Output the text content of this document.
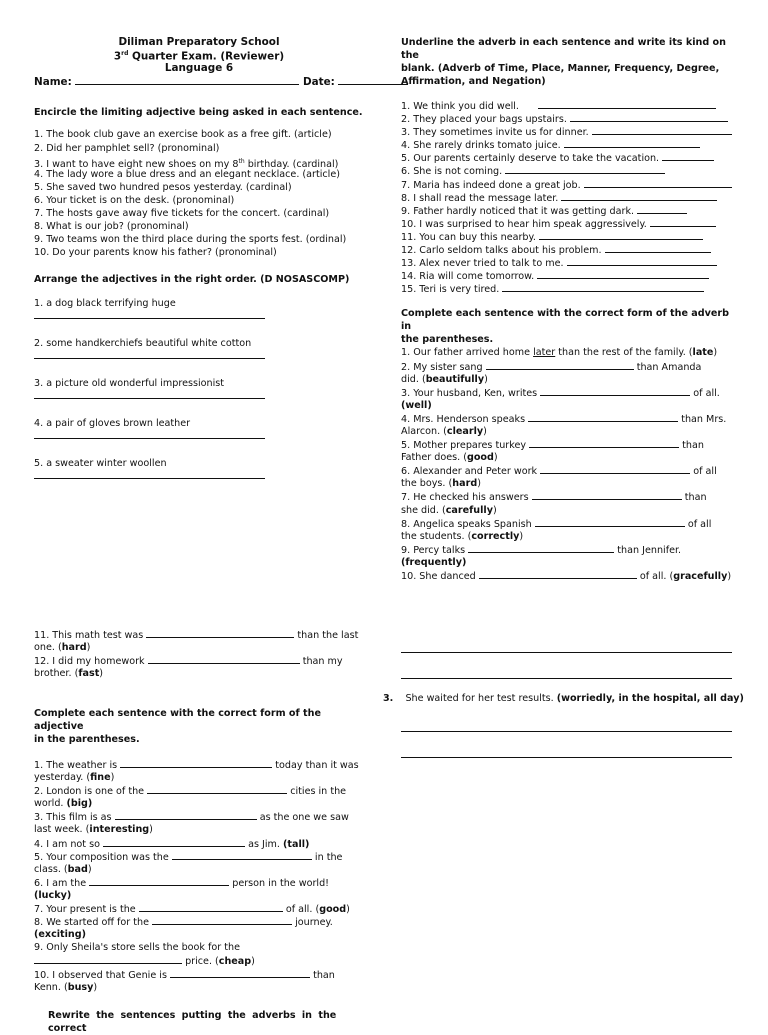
Diliman Preparatory School
3rd Quarter Exam. (Reviewer)
Language 6
Name:	Date:
Encircle the limiting adjective being asked in each sentence.
1. The book club gave an exercise book as a free gift. (article)
2. Did her pamphlet sell? (pronominal)
3. I want to have eight new shoes on my 8th birthday. (cardinal)
4. The lady wore a blue dress and an elegant necklace. (article)
5. She saved two hundred pesos yesterday. (cardinal)
6. Your ticket is on the desk. (pronominal)
7. The hosts gave away five tickets for the concert. (cardinal)
8. What is our job? (pronominal)
9. Two teams won the third place during the sports fest. (ordinal)
10. Do your parents know his father? (pronominal)
Arrange the adjectives in the right order. (D NOSASCOMP)
1. a dog black terrifying huge
2. some handkerchiefs beautiful white cotton
3. a picture old wonderful impressionist
4. a pair of gloves brown leather
5. a sweater winter woollen
11. This math test was	than the last
one. (hard)
12. I did my homework	than my
brother. (fast)
Complete each sentence with the correct form of the adjective
in the parentheses.
1. The weather is	today than it was
yesterday. (fine)
2. London is one of the	cities in the
world. (big)
3. This film is as	as the one we saw
last week. (interesting)
4. I am not so	as Jim. (tall)
5. Your composition was the	in the
class. (bad)
6. I am the	person in the world!
(lucky)
7. Your present is the	of all. (good)
8. We started off for the	journey.
(exciting)
9. Only Sheila's store sells the book for the
price. (cheap)
10. I observed that Genie is	than
Kenn. (busy)
Rewrite the sentences putting the adverbs in the correct
Underline the adverb in each sentence and write its kind on the
blank. (Adverb of Time, Place, Manner, Frequency, Degree,
Affirmation, and Negation)
1. We think you did well.
2. They placed your bags upstairs.
3. They sometimes invite us for dinner.
4. She rarely drinks tomato juice.
5. Our parents certainly deserve to take the vacation.
6. She is not coming.
7. Maria has indeed done a great job.
8. I shall read the message later.
9. Father hardly noticed that it was getting dark.
10. I was surprised to hear him speak aggressively.
11. You can buy this nearby.
12. Carlo seldom talks about his problem.
13. Alex never tried to talk to me.
14. Ria will come tomorrow.
15. Teri is very tired.
Complete each sentence with the correct form of the adverb in
the parentheses.
1. Our father arrived home later than the rest of the family. (late)
2. My sister sang	than Amanda
did. (beautifully)
3. Your husband, Ken, writes	of all.
(well)
4. Mrs. Henderson speaks	than Mrs.
Alarcon. (clearly)
5. Mother prepares turkey	than
Father does. (good)
6. Alexander and Peter work	of all
the boys. (hard)
7. He checked his answers	than
she did. (carefully)
8. Angelica speaks Spanish	of all
the students. (correctly)
9. Percy talks	than Jennifer.
(frequently)
10. She danced	of all. (gracefully)
3. She waited for her test results. (worriedly, in the hospital, all day)
